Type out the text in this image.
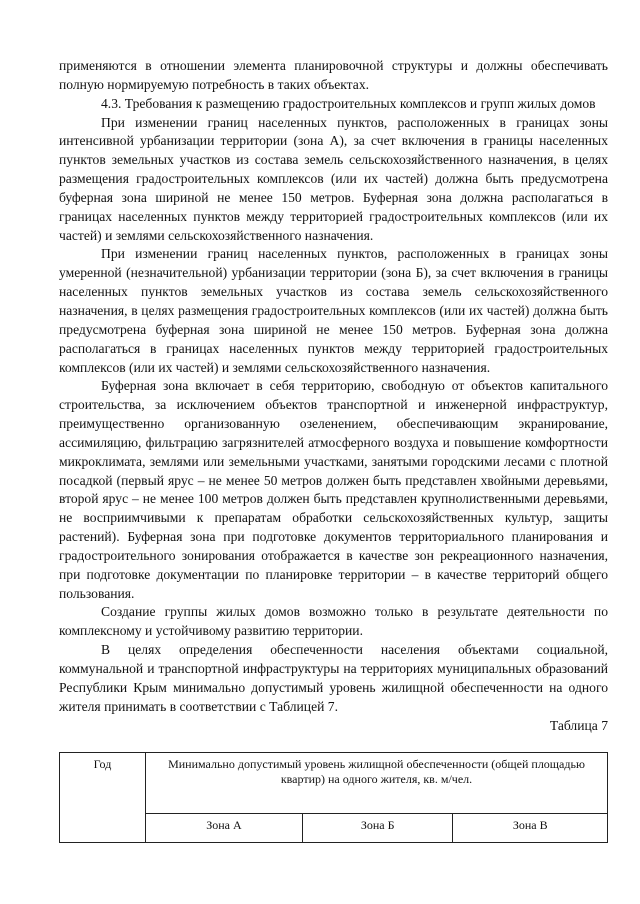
применяются в отношении элемента планировочной структуры и должны обеспечивать полную нормируемую потребность в таких объектах.

4.3. Требования к размещению градостроительных комплексов и групп жилых домов

При изменении границ населенных пунктов, расположенных в границах зоны интенсивной урбанизации территории (зона А), за счет включения в границы населенных пунктов земельных участков из состава земель сельскохозяйственного назначения, в целях размещения градостроительных комплексов (или их частей) должна быть предусмотрена буферная зона шириной не менее 150 метров. Буферная зона должна располагаться в границах населенных пунктов между территорией градостроительных комплексов (или их частей) и землями сельскохозяйственного назначения.

При изменении границ населенных пунктов, расположенных в границах зоны умеренной (незначительной) урбанизации территории (зона Б), за счет включения в границы населенных пунктов земельных участков из состава земель сельскохозяйственного назначения, в целях размещения градостроительных комплексов (или их частей) должна быть предусмотрена буферная зона шириной не менее 150 метров. Буферная зона должна располагаться в границах населенных пунктов между территорией градостроительных комплексов (или их частей) и землями сельскохозяйственного назначения.

Буферная зона включает в себя территорию, свободную от объектов капитального строительства, за исключением объектов транспортной и инженерной инфраструктур, преимущественно организованную озеленением, обеспечивающим экранирование, ассимиляцию, фильтрацию загрязнителей атмосферного воздуха и повышение комфортности микроклимата, землями или земельными участками, занятыми городскими лесами с плотной посадкой (первый ярус – не менее 50 метров должен быть представлен хвойными деревьями, второй ярус – не менее 100 метров должен быть представлен крупнолиственными деревьями, не восприимчивыми к препаратам обработки сельскохозяйственных культур, защиты растений). Буферная зона при подготовке документов территориального планирования и градостроительного зонирования отображается в качестве зон рекреационного назначения, при подготовке документации по планировке территории – в качестве территорий общего пользования.

Создание группы жилых домов возможно только в результате деятельности по комплексному и устойчивому развитию территории.

В целях определения обеспеченности населения объектами социальной, коммунальной и транспортной инфраструктуры на территориях муниципальных образований Республики Крым минимально допустимый уровень жилищной обеспеченности на одного жителя принимать в соответствии с Таблицей 7.

Таблица 7

Год	Минимально допустимый уровень жилищной обеспеченности (общей площадью квартир) на одного жителя, кв. м/чел.		
	Зона А	Зона Б	Зона В
